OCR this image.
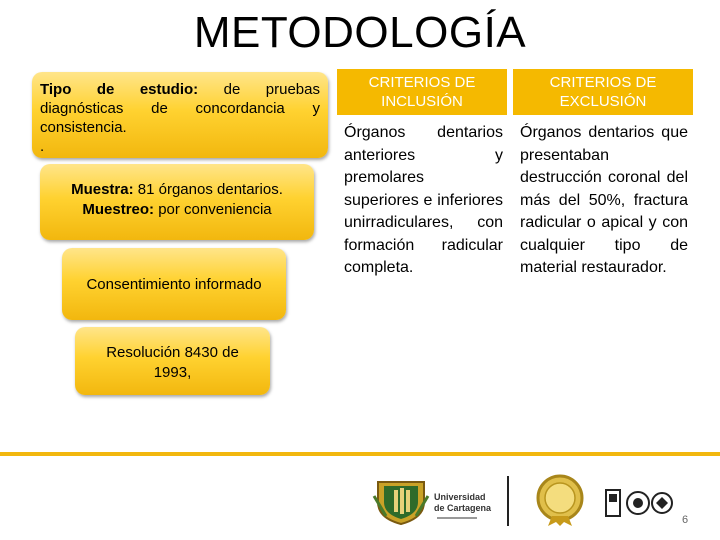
METODOLOGÍA
Tipo de estudio: de pruebas diagnósticas de concordancia y consistencia.
.
Muestra: 81 órganos dentarios.
Muestreo: por conveniencia
Consentimiento informado
Resolución 8430 de 1993,
CRITERIOS DE INCLUSIÓN
CRITERIOS DE EXCLUSIÓN
Órganos dentarios anteriores y premolares superiores e inferiores unirradiculares, con formación radicular completa.
Órganos dentarios que presentaban destrucción coronal del más del 50%, fractura radicular o apical y con cualquier tipo de material restaurador.
Universidad
de Cartagena
6
